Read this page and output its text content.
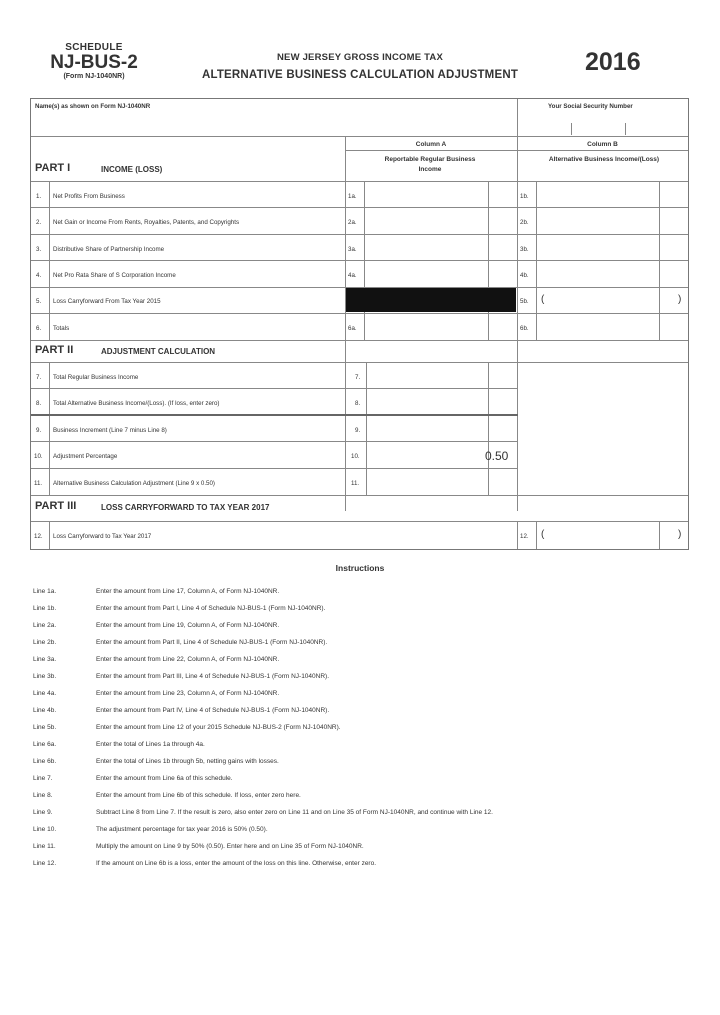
SCHEDULE
NJ-BUS-2
(Form NJ-1040NR)
NEW JERSEY GROSS INCOME TAX
ALTERNATIVE BUSINESS CALCULATION ADJUSTMENT	2016
Name(s) as shown on Form NJ-1040NR	Your Social Security Number
Column A	Column B
Reportable Regular Business Income
Alternative Business Income/(Loss)
PART I	INCOME (LOSS)
1. Net Profits From Business	1a.	1b.
2. Net Gain or Income From Rents, Royalties, Patents, and Copyrights	2a.	2b.
3. Distributive Share of Partnership Income	3a.	3b.
4. Net Pro Rata Share of S Corporation Income	4a.	4b.
5. Loss Carryforward From Tax Year 2015	5b. (	)
6. Totals	6a.	6b.
PART II	ADJUSTMENT CALCULATION
7. Total Regular Business Income	7.
8. Total Alternative Business Income/(Loss). (If loss, enter zero)	8.
9. Business Increment (Line 7 minus Line 8)	9.
10. Adjustment Percentage	10.	0.50
11. Alternative Business Calculation Adjustment (Line 9 x 0.50)	11.
PART III	LOSS CARRYFORWARD TO TAX YEAR 2017
12. Loss Carryforward to Tax Year 2017	12. (	)
Instructions
Line 1a.	Enter the amount from Line 17, Column A, of Form NJ-1040NR.
Line 1b.	Enter the amount from Part I, Line 4 of Schedule NJ-BUS-1 (Form NJ-1040NR).
Line 2a.	Enter the amount from Line 19, Column A, of Form NJ-1040NR.
Line 2b.	Enter the amount from Part II, Line 4 of Schedule NJ-BUS-1 (Form NJ-1040NR).
Line 3a.	Enter the amount from Line 22, Column A, of Form NJ-1040NR.
Line 3b.	Enter the amount from Part III, Line 4 of Schedule NJ-BUS-1 (Form NJ-1040NR).
Line 4a.	Enter the amount from Line 23, Column A, of Form NJ-1040NR.
Line 4b.	Enter the amount from Part IV, Line 4 of Schedule NJ-BUS-1 (Form NJ-1040NR).
Line 5b.	Enter the amount from Line 12 of your 2015 Schedule NJ-BUS-2 (Form NJ-1040NR).
Line 6a.	Enter the total of Lines 1a through 4a.
Line 6b.	Enter the total of Lines 1b through 5b, netting gains with losses.
Line 7.	Enter the amount from Line 6a of this schedule.
Line 8.	Enter the amount from Line 6b of this schedule. If loss, enter zero here.
Line 9.	Subtract Line 8 from Line 7. If the result is zero, also enter zero on Line 11 and on Line 35 of Form NJ-1040NR, and continue with Line 12.
Line 10.	The adjustment percentage for tax year 2016 is 50% (0.50).
Line 11.	Multiply the amount on Line 9 by 50% (0.50). Enter here and on Line 35 of Form NJ-1040NR.
Line 12.	If the amount on Line 6b is a loss, enter the amount of the loss on this line. Otherwise, enter zero.
